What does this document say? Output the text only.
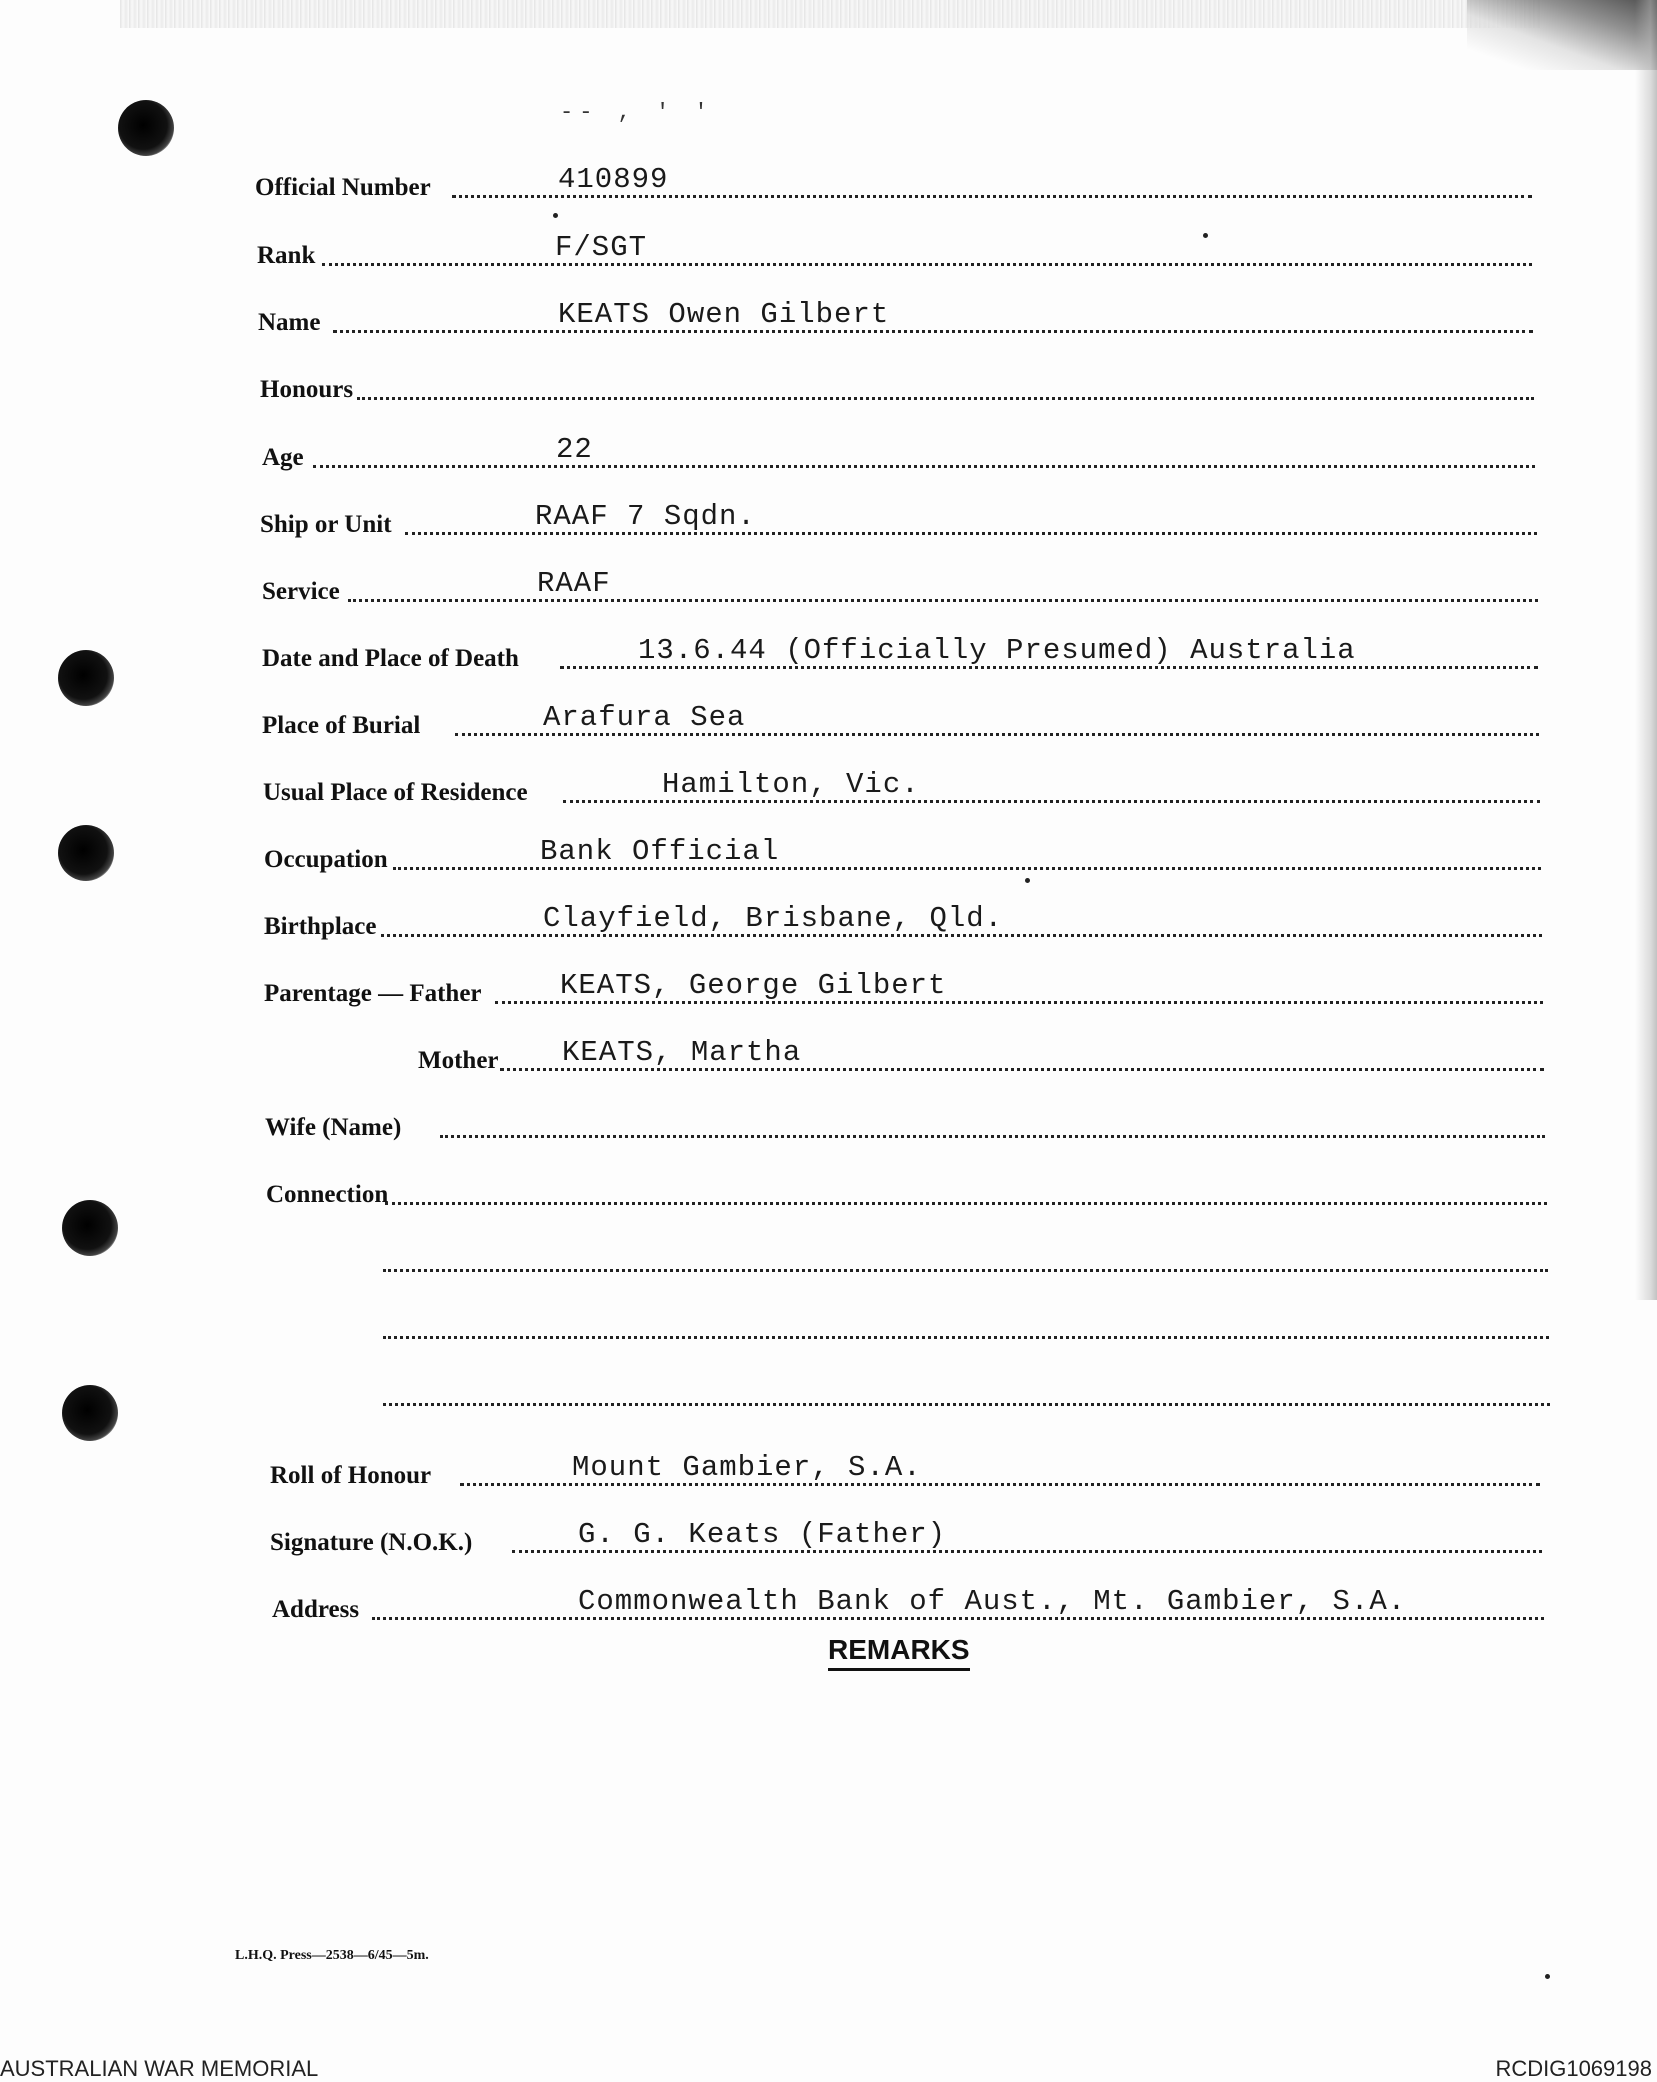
-- , ' '
Official Number	410899
Rank	F/SGT
Name	KEATS Owen Gilbert
Honours
Age	22
Ship or Unit	RAAF 7 Sqdn.
Service	RAAF
Date and Place of Death	13.6.44 (Officially Presumed) Australia
Place of Burial	Arafura Sea
Usual Place of Residence	Hamilton, Vic.
Occupation	Bank Official
Birthplace	Clayfield, Brisbane, Qld.
Parentage — Father	KEATS, George Gilbert
Mother KEATS, Martha
Wife (Name)
Connection
Roll of Honour	Mount Gambier, S.A.
Signature (N.O.K.)	G. G. Keats (Father)
Address	Commonwealth Bank of Aust., Mt. Gambier, S.A.
REMARKS
L.H.Q. Press—2538—6/45—5m.
AUSTRALIAN WAR MEMORIAL	RCDIG1069198
